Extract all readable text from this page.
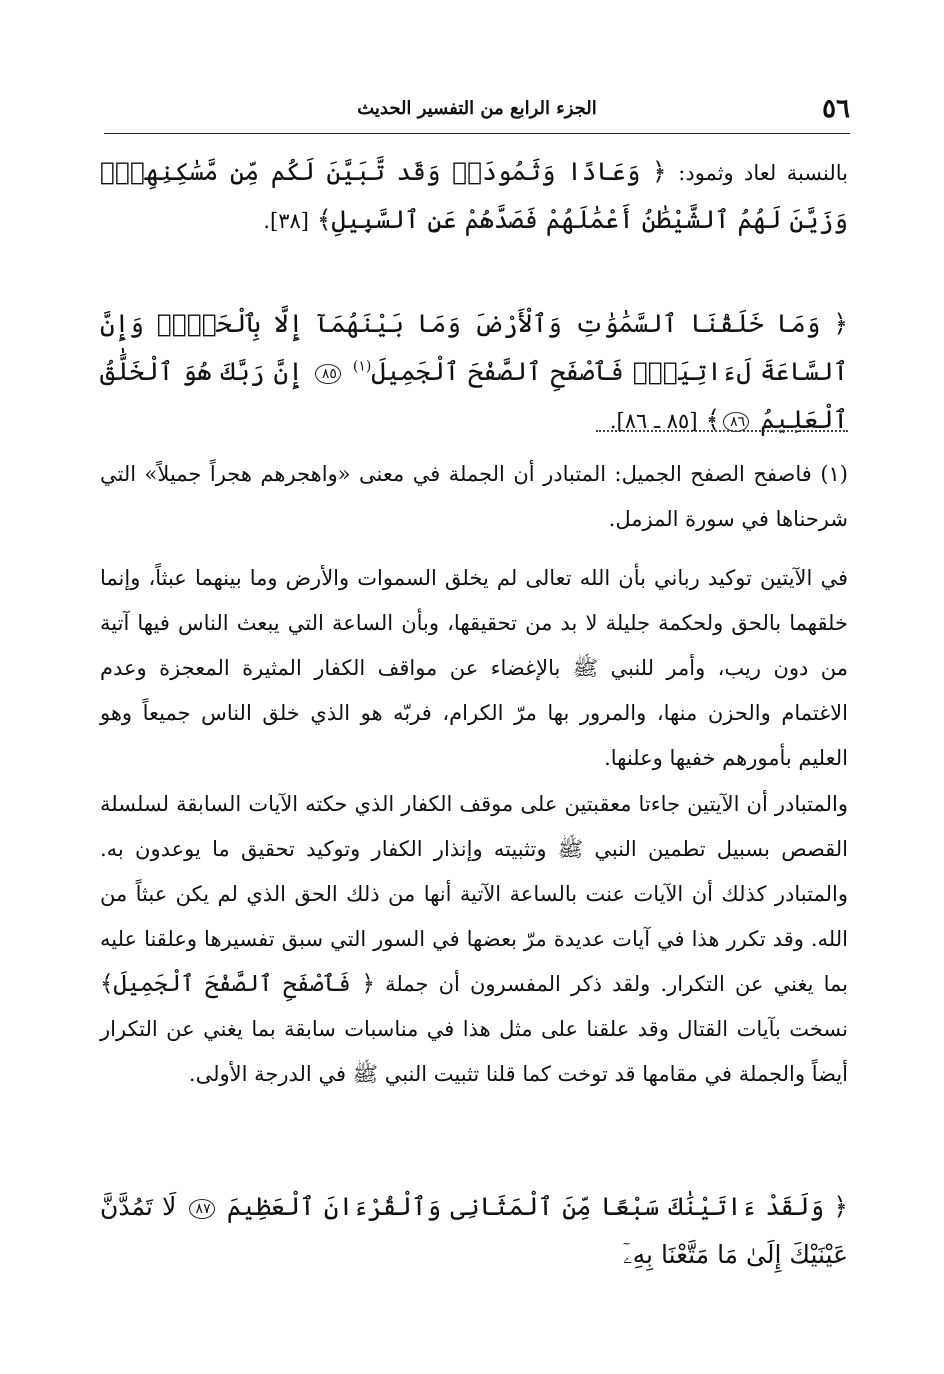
٥٦
الجزء الرابع من التفسير الحديث
بالنسبة لعاد وثمود: ﴿ وَعَادًا وَثَمُودَا۟ وَقَد تَّبَيَّنَ لَكُم مِّن مَّسَٰكِنِهِمْۖ وَزَيَّنَ لَهُمُ ٱلشَّيْطَٰنُ أَعْمَٰلَهُمْ فَصَدَّهُمْ عَنِ ٱلسَّبِيلِ﴾ [٣٨].
﴿ وَمَا خَلَقْنَا ٱلسَّمَٰوَٰتِ وَٱلْأَرْضَ وَمَا بَيْنَهُمَآ إِلَّا بِٱلْحَقِّۗ وَإِنَّ ٱلسَّاعَةَ لَءَاتِيَةٌۖ فَٱصْفَحِ ٱلصَّفْحَ ٱلْجَمِيلَ$^{(١)}$ ٨٥ إِنَّ رَبَّكَ هُوَ ٱلْخَلَّٰقُ ٱلْعَلِيمُ ٨٦﴾ [٨٥ ـ ٨٦].
(١) فاصفح الصفح الجميل: المتبادر أن الجملة في معنى «واهجرهم هجراً جميلاً» التي شرحناها في سورة المزمل.
في الآيتين توكيد رباني بأن الله تعالى لم يخلق السموات والأرض وما بينهما عبثاً، وإنما خلقهما بالحق ولحكمة جليلة لا بد من تحقيقها، وبأن الساعة التي يبعث الناس فيها آتية من دون ريب، وأمر للنبي ﷺ بالإغضاء عن مواقف الكفار المثيرة المعجزة وعدم الاغتمام والحزن منها، والمرور بها مرّ الكرام، فربّه هو الذي خلق الناس جميعاً وهو العليم بأمورهم خفيها وعلنها.
والمتبادر أن الآيتين جاءتا معقبتين على موقف الكفار الذي حكته الآيات السابقة لسلسلة القصص بسبيل تطمين النبي ﷺ وتثبيته وإنذار الكفار وتوكيد تحقيق ما يوعدون به. والمتبادر كذلك أن الآيات عنت بالساعة الآتية أنها من ذلك الحق الذي لم يكن عبثاً من الله. وقد تكرر هذا في آيات عديدة مرّ بعضها في السور التي سبق تفسيرها وعلقنا عليه بما يغني عن التكرار. ولقد ذكر المفسرون أن جملة ﴿ فَٱصْفَحِ ٱلصَّفْحَ ٱلْجَمِيلَ﴾ نسخت بآيات القتال وقد علقنا على مثل هذا في مناسبات سابقة بما يغني عن التكرار أيضاً والجملة في مقامها قد توخت كما قلنا تثبيت النبي ﷺ في الدرجة الأولى.
﴿ وَلَقَدْ ءَاتَيْنَٰكَ سَبْعًا مِّنَ ٱلْمَثَانِى وَٱلْقُرْءَانَ ٱلْعَظِيمَ ٨٧ لَا تَمُدَّنَّ عَيْنَيْكَ إِلَىٰ مَا مَتَّعْنَا بِهِۦٓ
